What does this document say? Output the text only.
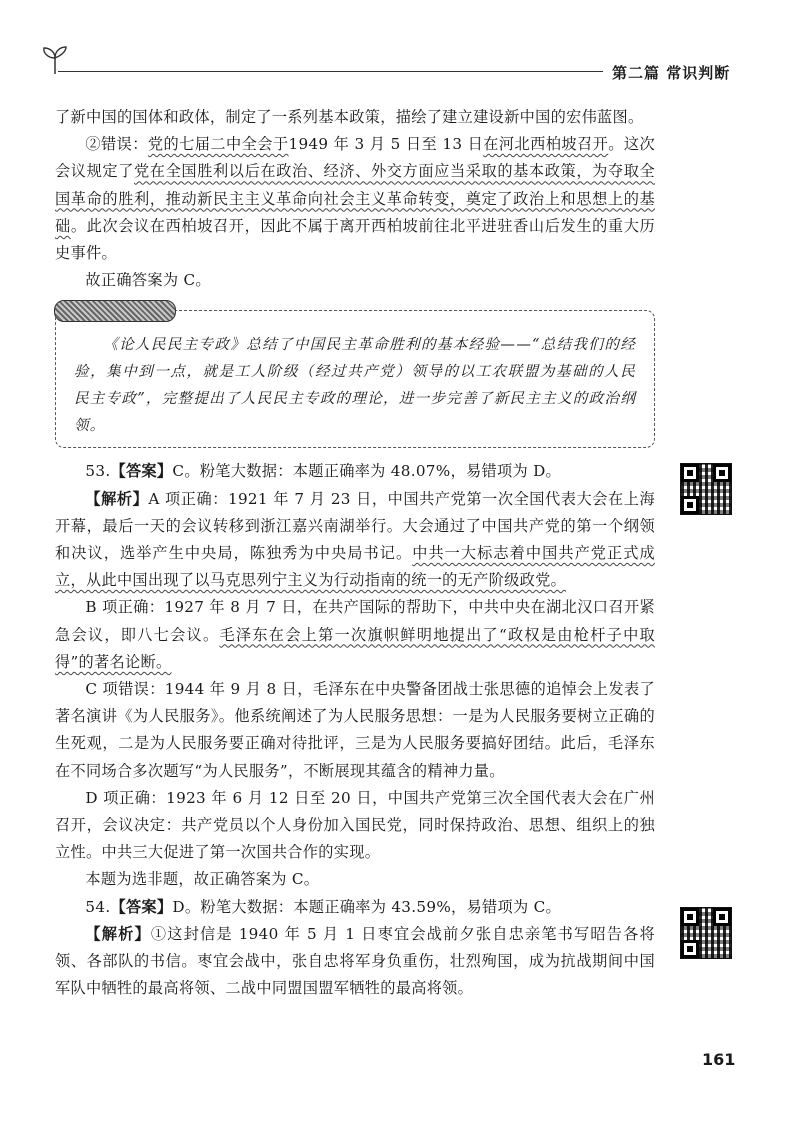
第二篇 常识判断

了新中国的国体和政体，制定了一系列基本政策，描绘了建立建设新中国的宏伟蓝图。

②错误：党的七届二中全会于1949 年 3 月 5 日至 13 日在河北西柏坡召开。这次会议规定了党在全国胜利以后在政治、经济、外交方面应当采取的基本政策，为夺取全国革命的胜利，推动新民主主义革命向社会主义革命转变，奠定了政治上和思想上的基础。此次会议在西柏坡召开，因此不属于离开西柏坡前往北平进驻香山后发生的重大历史事件。

故正确答案为 C。

《论人民民主专政》总结了中国民主革命胜利的基本经验——“总结我们的经验，集中到一点，就是工人阶级（经过共产党）领导的以工农联盟为基础的人民民主专政”，完整提出了人民民主专政的理论，进一步完善了新民主主义的政治纲领。

53.【答案】C。粉笔大数据：本题正确率为 48.07%，易错项为 D。

【解析】A 项正确：1921 年 7 月 23 日，中国共产党第一次全国代表大会在上海开幕，最后一天的会议转移到浙江嘉兴南湖举行。大会通过了中国共产党的第一个纲领和决议，选举产生中央局，陈独秀为中央局书记。中共一大标志着中国共产党正式成立，从此中国出现了以马克思列宁主义为行动指南的统一的无产阶级政党。

B 项正确：1927 年 8 月 7 日，在共产国际的帮助下，中共中央在湖北汉口召开紧急会议，即八七会议。毛泽东在会上第一次旗帜鲜明地提出了“政权是由枪杆子中取得”的著名论断。

C 项错误：1944 年 9 月 8 日，毛泽东在中央警备团战士张思德的追悼会上发表了著名演讲《为人民服务》。他系统阐述了为人民服务思想：一是为人民服务要树立正确的生死观，二是为人民服务要正确对待批评，三是为人民服务要搞好团结。此后，毛泽东在不同场合多次题写“为人民服务”，不断展现其蕴含的精神力量。

D 项正确：1923 年 6 月 12 日至 20 日，中国共产党第三次全国代表大会在广州召开，会议决定：共产党员以个人身份加入国民党，同时保持政治、思想、组织上的独立性。中共三大促进了第一次国共合作的实现。

本题为选非题，故正确答案为 C。

54.【答案】D。粉笔大数据：本题正确率为 43.59%，易错项为 C。

【解析】①这封信是 1940 年 5 月 1 日枣宜会战前夕张自忠亲笔书写昭告各将领、各部队的书信。枣宜会战中，张自忠将军身负重伤，壮烈殉国，成为抗战期间中国军队中牺牲的最高将领、二战中同盟国盟军牺牲的最高将领。

161
